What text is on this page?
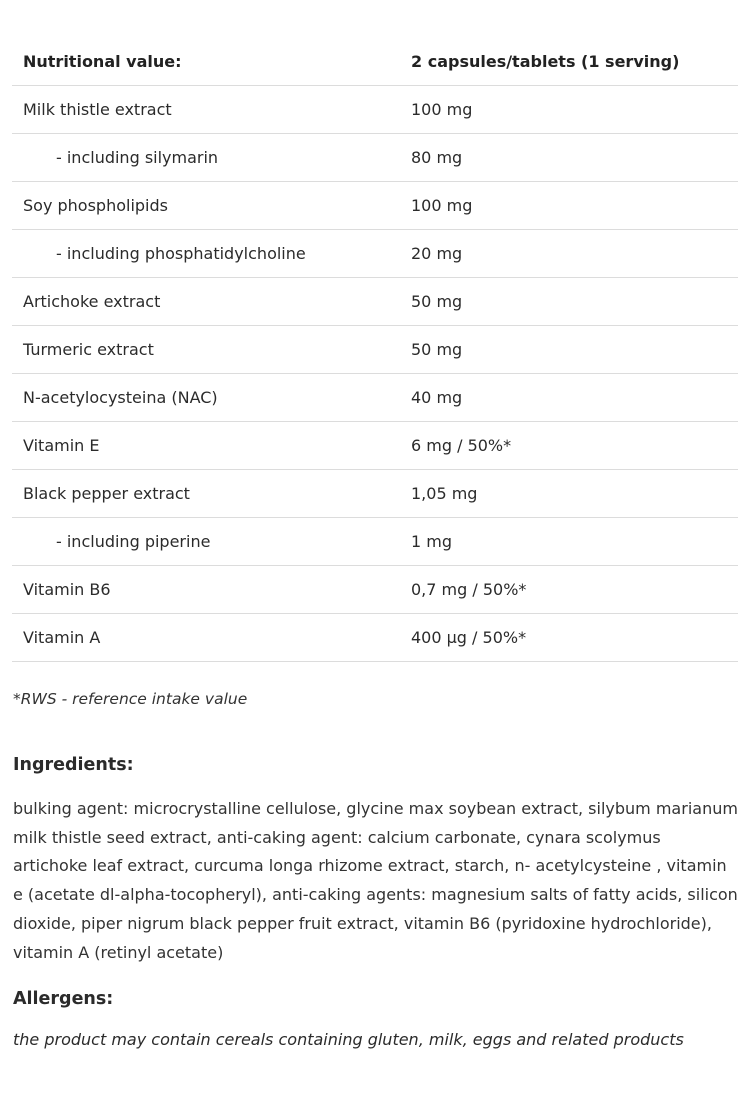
Nutritional value:	2 capsules/tablets (1 serving)
Milk thistle extract	100 mg
- including silymarin	80 mg
Soy phospholipids	100 mg
- including phosphatidylcholine	20 mg
Artichoke extract	50 mg
Turmeric extract	50 mg
N-acetylocysteina (NAC)	40 mg
Vitamin E	6 mg / 50%*
Black pepper extract	1,05 mg
- including piperine	1 mg
Vitamin B6	0,7 mg / 50%*
Vitamin A	400 µg / 50%*
*RWS - reference intake value
Ingredients:
bulking agent: microcrystalline cellulose, glycine max soybean extract, silybum marianum milk thistle seed extract, anti-caking agent: calcium carbonate, cynara scolymus artichoke leaf extract, curcuma longa rhizome extract, starch, n- acetylcysteine , vitamin e (acetate dl-alpha-tocopheryl), anti-caking agents: magnesium salts of fatty acids, silicon dioxide, piper nigrum black pepper fruit extract, vitamin B6 (pyridoxine hydrochloride), vitamin A (retinyl acetate)
Allergens:
the product may contain cereals containing gluten, milk, eggs and related products
